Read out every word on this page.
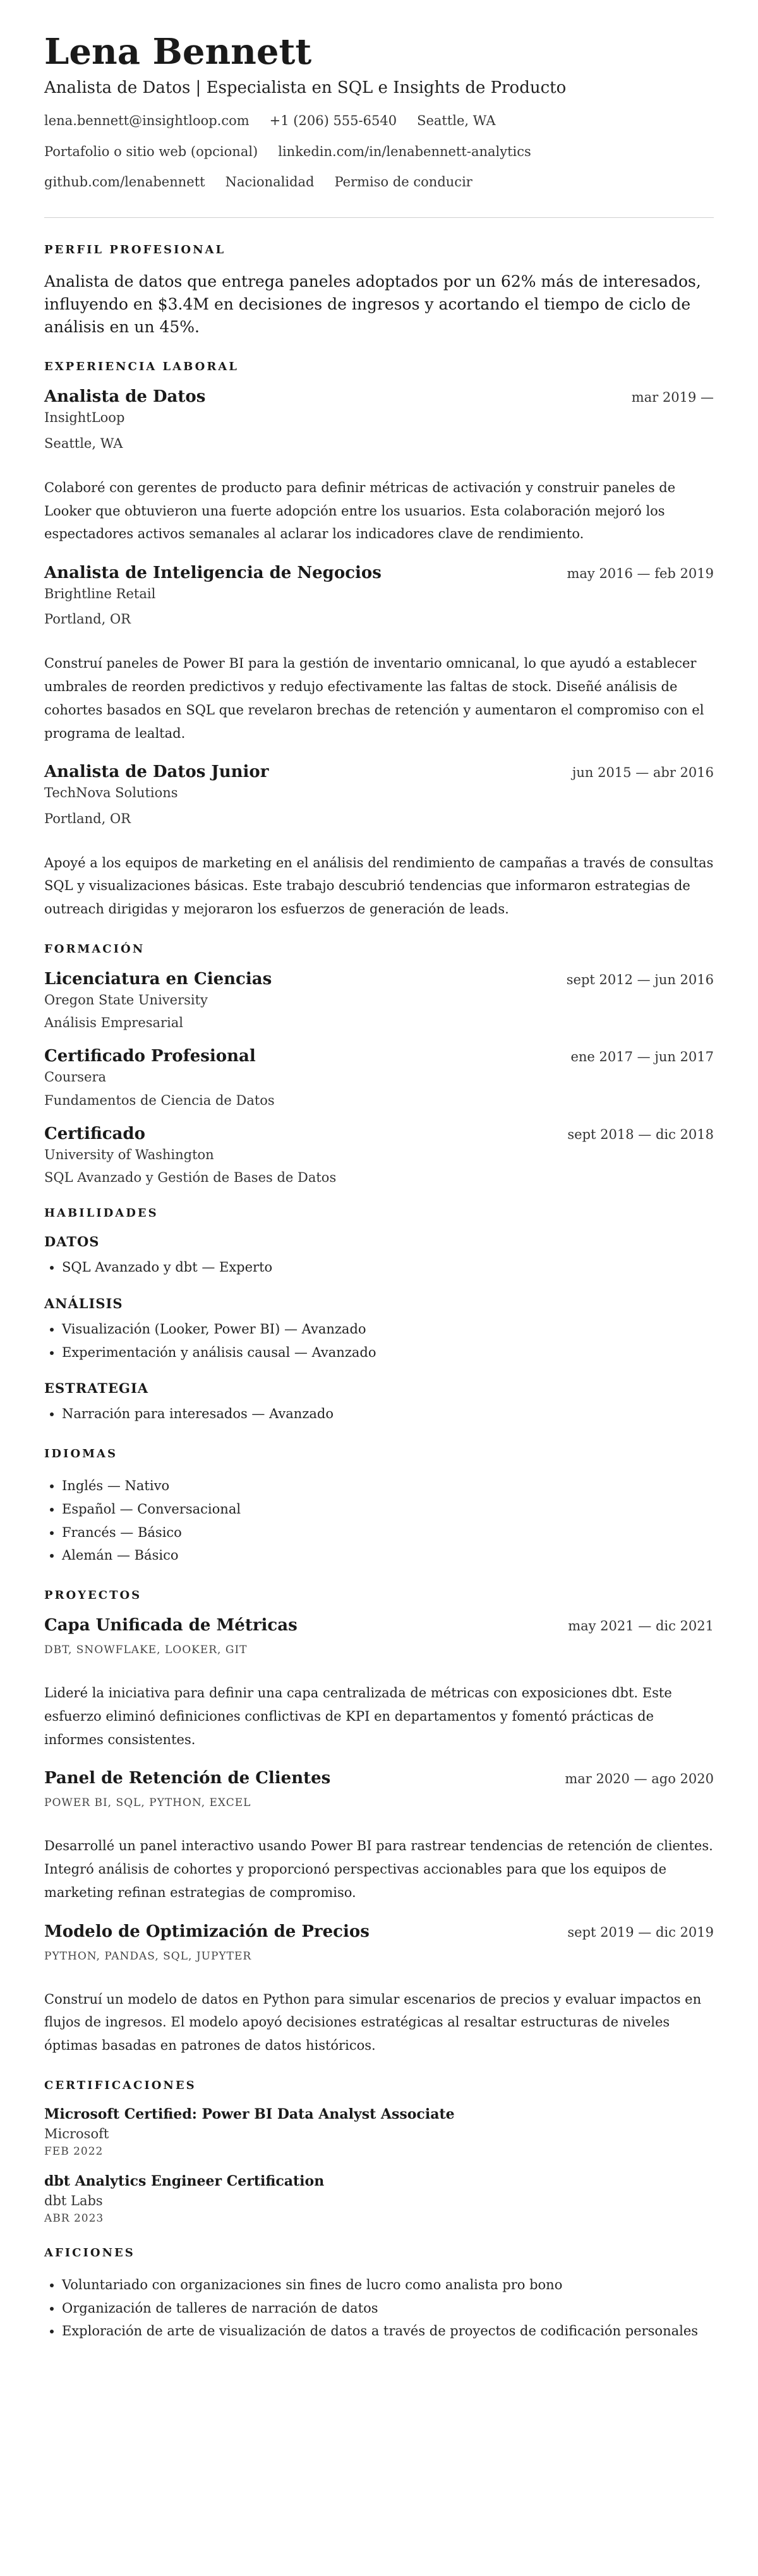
Lena Bennett
Analista de Datos | Especialista en SQL e Insights de Producto
lena.bennett@insightloop.com +1 (206) 555-6540 Seattle, WA
Portafolio o sitio web (opcional) linkedin.com/in/lenabennett-analytics
github.com/lenabennett Nacionalidad Permiso de conducir
PERFIL PROFESIONAL

Analista de datos que entrega paneles adoptados por un 62% más de interesados, influyendo en $3.4M en decisiones de ingresos y acortando el tiempo de ciclo de análisis en un 45%.

EXPERIENCIA LABORAL
Analista de Datos	mar 2019 —
InsightLoop
Seattle, WA
Colaboré con gerentes de producto para definir métricas de activación y construir paneles de Looker que obtuvieron una fuerte adopción entre los usuarios. Esta colaboración mejoró los espectadores activos semanales al aclarar los indicadores clave de rendimiento.
Analista de Inteligencia de Negocios	may 2016 — feb 2019
Brightline Retail
Portland, OR
Construí paneles de Power BI para la gestión de inventario omnicanal, lo que ayudó a establecer umbrales de reorden predictivos y redujo efectivamente las faltas de stock. Diseñé análisis de cohortes basados en SQL que revelaron brechas de retención y aumentaron el compromiso con el programa de lealtad.
Analista de Datos Junior	jun 2015 — abr 2016
TechNova Solutions
Portland, OR
Apoyé a los equipos de marketing en el análisis del rendimiento de campañas a través de consultas SQL y visualizaciones básicas. Este trabajo descubrió tendencias que informaron estrategias de outreach dirigidas y mejoraron los esfuerzos de generación de leads.
FORMACIÓN
Licenciatura en Ciencias	sept 2012 — jun 2016
Oregon State University
Análisis Empresarial
Certificado Profesional	ene 2017 — jun 2017
Coursera
Fundamentos de Ciencia de Datos
Certificado	sept 2018 — dic 2018
University of Washington
SQL Avanzado y Gestión de Bases de Datos
HABILIDADES
DATOS
• SQL Avanzado y dbt — Experto
ANÁLISIS
• Visualización (Looker, Power BI) — Avanzado
• Experimentación y análisis causal — Avanzado
ESTRATEGIA
• Narración para interesados — Avanzado
IDIOMAS
• Inglés — Nativo
• Español — Conversacional
• Francés — Básico
• Alemán — Básico
PROYECTOS
Capa Unificada de Métricas	may 2021 — dic 2021
DBT, SNOWFLAKE, LOOKER, GIT
Lideré la iniciativa para definir una capa centralizada de métricas con exposiciones dbt. Este esfuerzo eliminó definiciones conflictivas de KPI en departamentos y fomentó prácticas de informes consistentes.
Panel de Retención de Clientes	mar 2020 — ago 2020
POWER BI, SQL, PYTHON, EXCEL
Desarrollé un panel interactivo usando Power BI para rastrear tendencias de retención de clientes. Integró análisis de cohortes y proporcionó perspectivas accionables para que los equipos de marketing refinan estrategias de compromiso.
Modelo de Optimización de Precios	sept 2019 — dic 2019
PYTHON, PANDAS, SQL, JUPYTER
Construí un modelo de datos en Python para simular escenarios de precios y evaluar impactos en flujos de ingresos. El modelo apoyó decisiones estratégicas al resaltar estructuras de niveles óptimas basadas en patrones de datos históricos.
CERTIFICACIONES
Microsoft Certified: Power BI Data Analyst Associate
Microsoft
FEB 2022
dbt Analytics Engineer Certification
dbt Labs
ABR 2023
AFICIONES
• Voluntariado con organizaciones sin fines de lucro como analista pro bono
• Organización de talleres de narración de datos
• Exploración de arte de visualización de datos a través de proyectos de codificación personales
